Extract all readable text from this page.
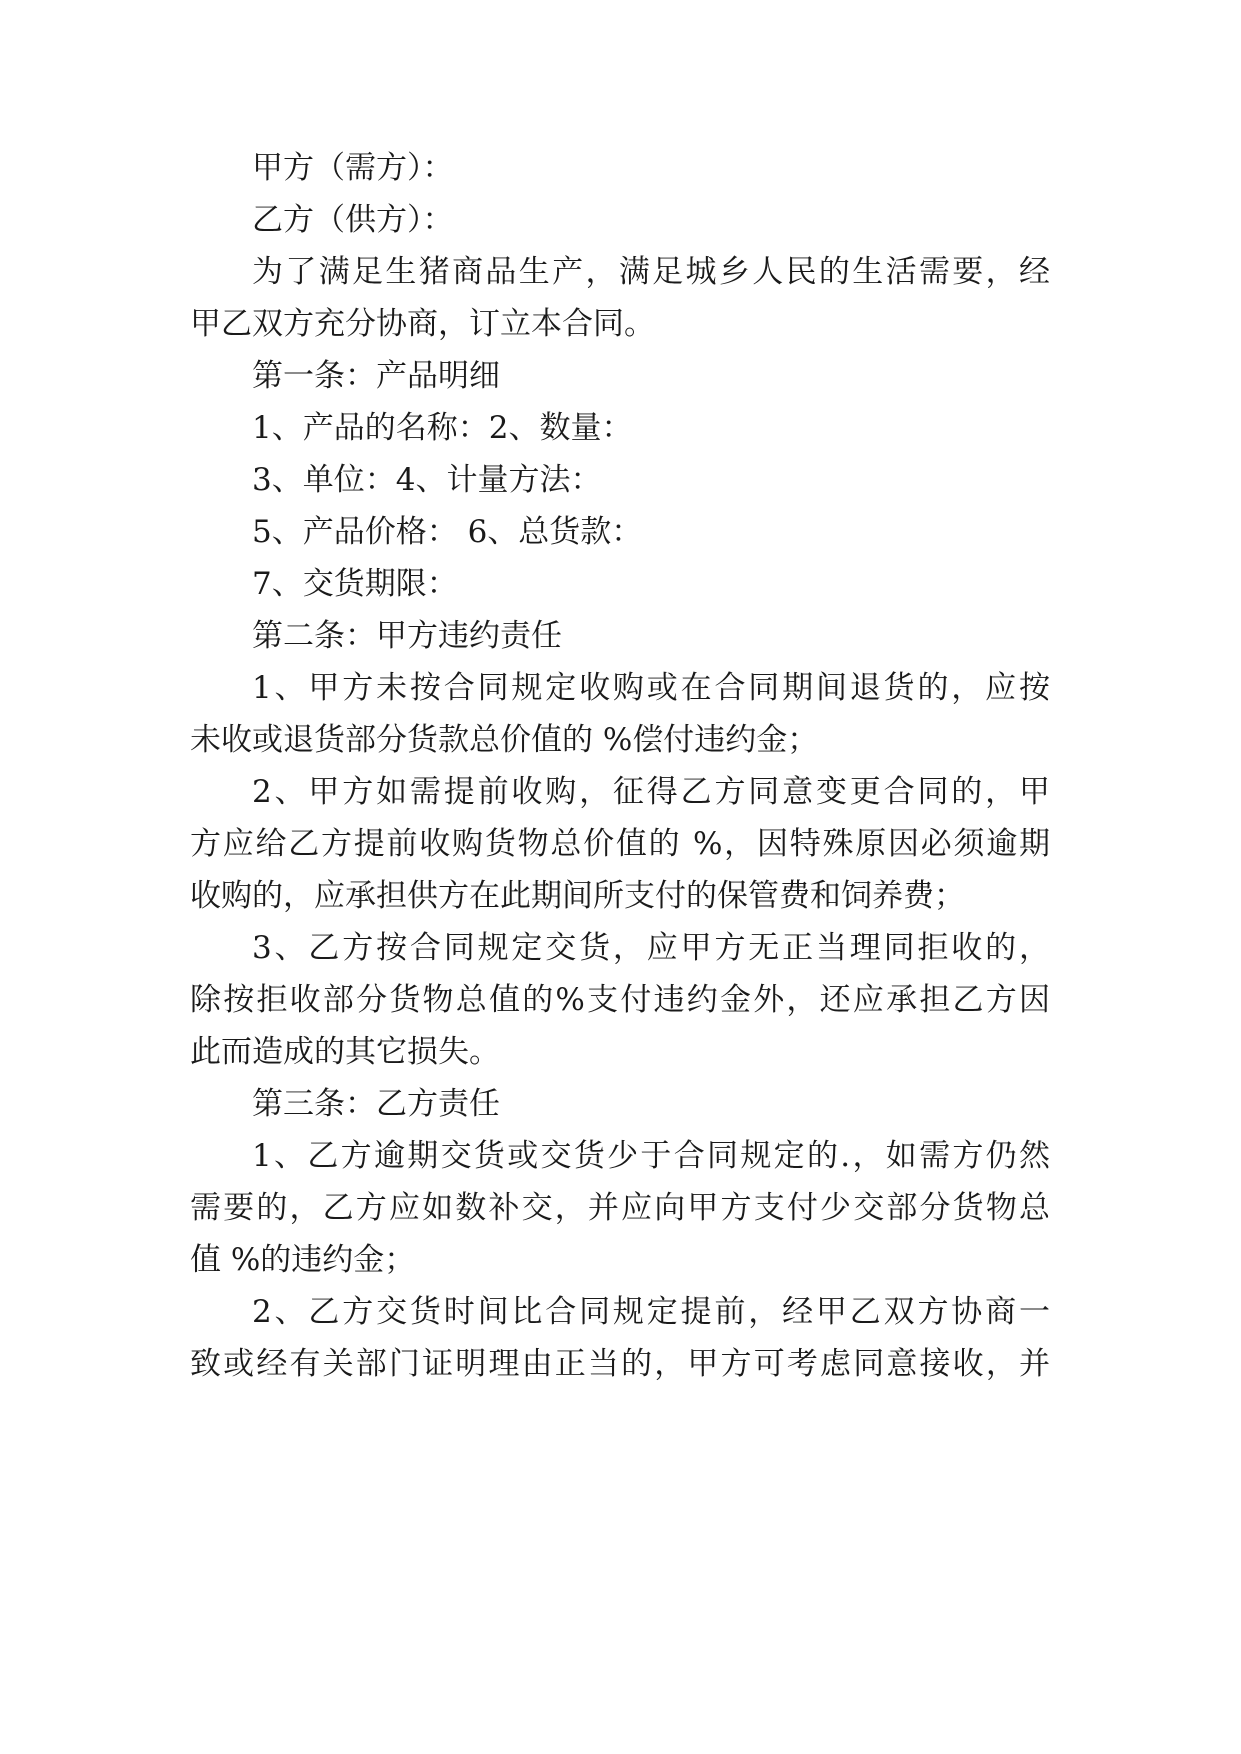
甲方（需方）：

乙方（供方）：

为了满足生猪商品生产，满足城乡人民的生活需要，经

甲乙双方充分协商，订立本合同。

第一条：产品明细

1、产品的名称：2、数量：

3、单位：4、计量方法：

5、产品价格： 6、总货款：

7、交货期限：

第二条：甲方违约责任

1、甲方未按合同规定收购或在合同期间退货的，应按

未收或退货部分货款总价值的 %偿付违约金；

2、甲方如需提前收购，征得乙方同意变更合同的，甲

方应给乙方提前收购货物总价值的 %，因特殊原因必须逾期

收购的，应承担供方在此期间所支付的保管费和饲养费；

3、乙方按合同规定交货，应甲方无正当理同拒收的，

除按拒收部分货物总值的%支付违约金外，还应承担乙方因

此而造成的其它损失。

第三条：乙方责任

1、乙方逾期交货或交货少于合同规定的.，如需方仍然

需要的，乙方应如数补交，并应向甲方支付少交部分货物总

值 %的违约金；

2、乙方交货时间比合同规定提前，经甲乙双方协商一

致或经有关部门证明理由正当的，甲方可考虑同意接收，并
